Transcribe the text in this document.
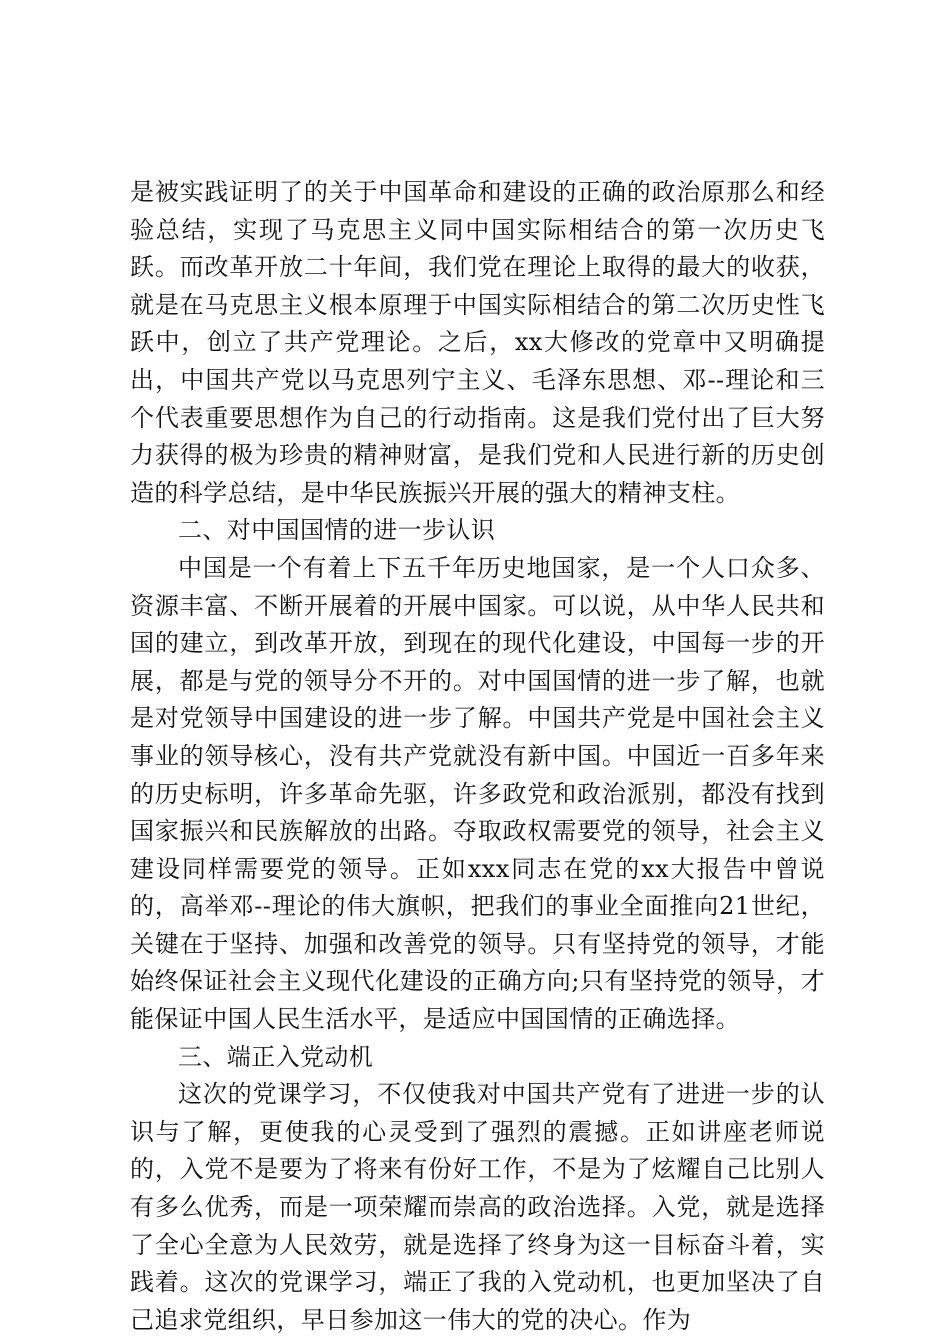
是被实践证明了的关于中国革命和建设的正确的政治原那么和经验总结，实现了马克思主义同中国实际相结合的第一次历史飞跃。而改革开放二十年间，我们党在理论上取得的最大的收获，就是在马克思主义根本原理于中国实际相结合的第二次历史性飞跃中，创立了共产党理论。之后，xx大修改的党章中又明确提出，中国共产党以马克思列宁主义、毛泽东思想、邓--理论和三个代表重要思想作为自己的行动指南。这是我们党付出了巨大努力获得的极为珍贵的精神财富，是我们党和人民进行新的历史创造的科学总结，是中华民族振兴开展的强大的精神支柱。

二、对中国国情的进一步认识

中国是一个有着上下五千年历史地国家，是一个人口众多、资源丰富、不断开展着的开展中国家。可以说，从中华人民共和国的建立，到改革开放，到现在的现代化建设，中国每一步的开展，都是与党的领导分不开的。对中国国情的进一步了解，也就是对党领导中国建设的进一步了解。中国共产党是中国社会主义事业的领导核心，没有共产党就没有新中国。中国近一百多年来的历史标明，许多革命先驱，许多政党和政治派别，都没有找到国家振兴和民族解放的出路。夺取政权需要党的领导，社会主义建设同样需要党的领导。正如xxx同志在党的xx大报告中曾说的，高举邓--理论的伟大旗帜，把我们的事业全面推向21世纪，关键在于坚持、加强和改善党的领导。只有坚持党的领导，才能始终保证社会主义现代化建设的正确方向;只有坚持党的领导，才能保证中国人民生活水平，是适应中国国情的正确选择。

三、端正入党动机

这次的党课学习，不仅使我对中国共产党有了进进一步的认识与了解，更使我的心灵受到了强烈的震撼。正如讲座老师说的，入党不是要为了将来有份好工作，不是为了炫耀自己比别人有多么优秀，而是一项荣耀而崇高的政治选择。入党，就是选择了全心全意为人民效劳，就是选择了终身为这一目标奋斗着，实践着。这次的党课学习，端正了我的入党动机，也更加坚决了自己追求党组织，早日参加这一伟大的党的决心。作为
